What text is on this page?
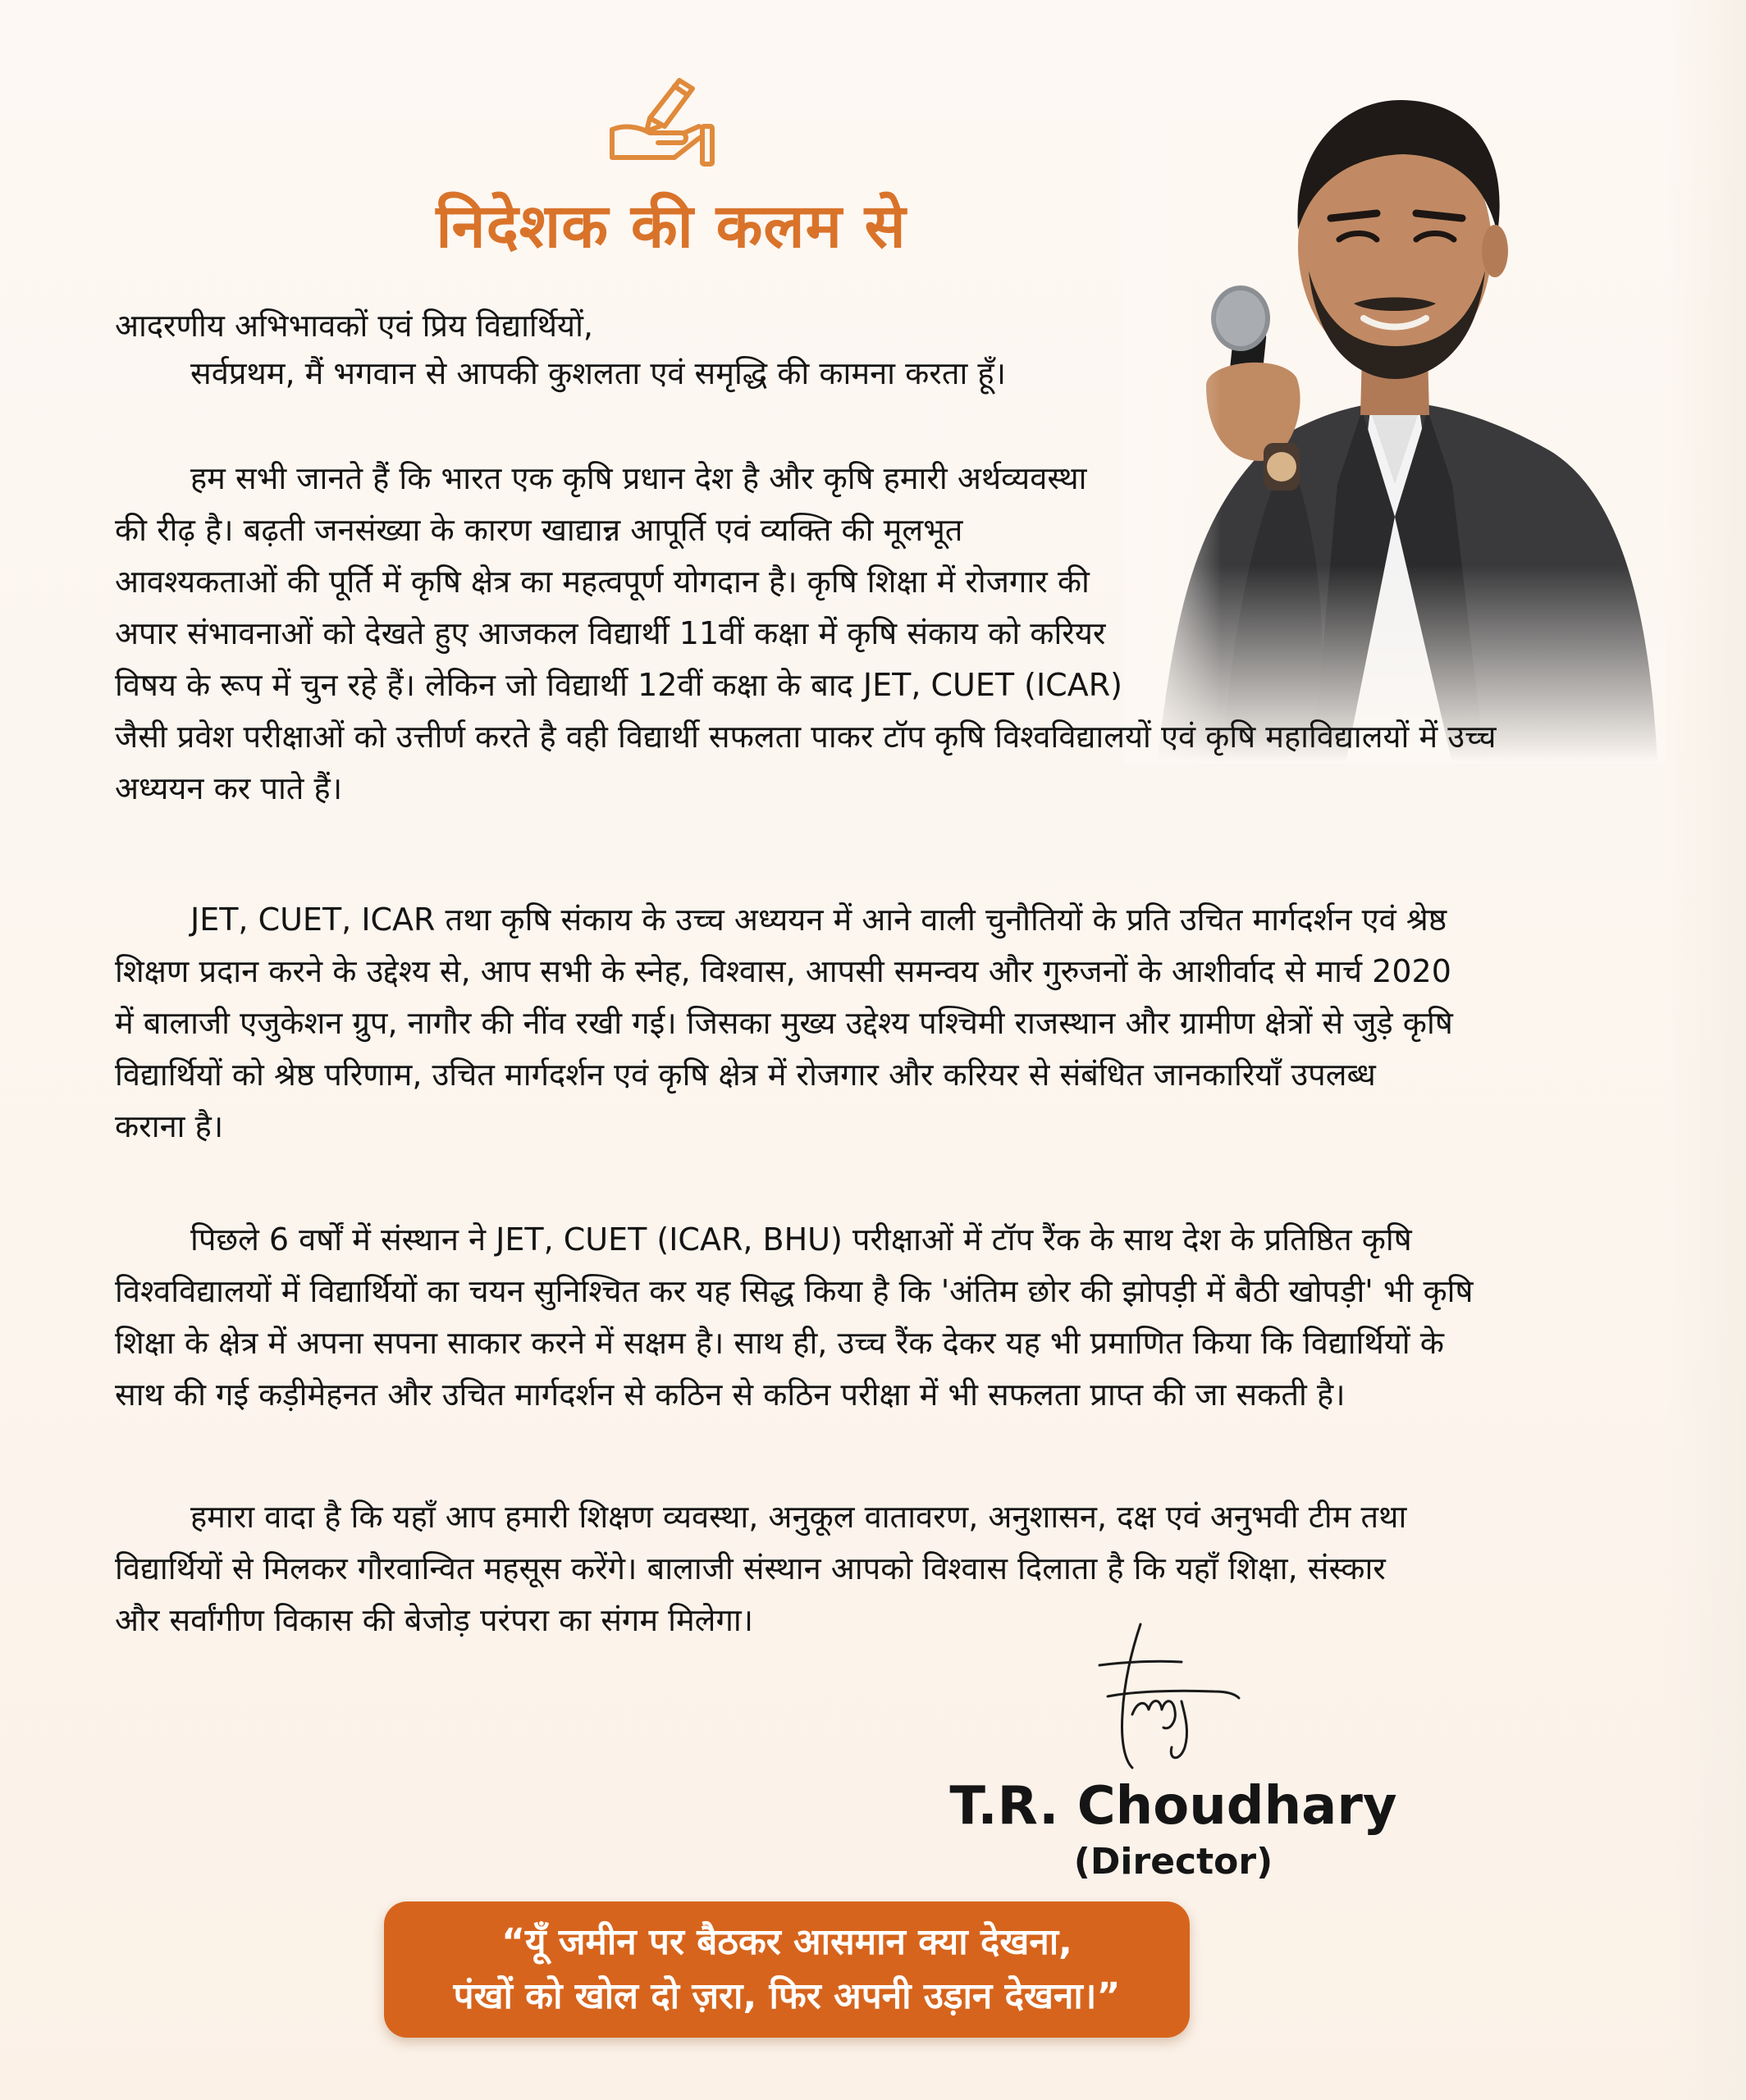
निदेशक की कलम से

आदरणीय अभिभावकों एवं प्रिय विद्यार्थियों,

सर्वप्रथम, मैं भगवान से आपकी कुशलता एवं समृद्धि की कामना करता हूँ।

हम सभी जानते हैं कि भारत एक कृषि प्रधान देश है और कृषि हमारी अर्थव्यवस्था
की रीढ़ है। बढ़ती जनसंख्या के कारण खाद्यान्न आपूर्ति एवं व्यक्ति की मूलभूत
आवश्यकताओं की पूर्ति में कृषि क्षेत्र का महत्वपूर्ण योगदान है। कृषि शिक्षा में रोजगार की
अपार संभावनाओं को देखते हुए आजकल विद्यार्थी 11वीं कक्षा में कृषि संकाय को करियर
विषय के रूप में चुन रहे हैं। लेकिन जो विद्यार्थी 12वीं कक्षा के बाद JET, CUET (ICAR)
जैसी प्रवेश परीक्षाओं को उत्तीर्ण करते है वही विद्यार्थी सफलता पाकर टॉप कृषि विश्वविद्यालयों एवं कृषि महाविद्यालयों में उच्च
अध्ययन कर पाते हैं।
JET, CUET, ICAR तथा कृषि संकाय के उच्च अध्ययन में आने वाली चुनौतियों के प्रति उचित मार्गदर्शन एवं श्रेष्ठ
शिक्षण प्रदान करने के उद्देश्य से, आप सभी के स्नेह, विश्वास, आपसी समन्वय और गुरुजनों के आशीर्वाद से मार्च 2020
में बालाजी एजुकेशन ग्रुप, नागौर की नींव रखी गई। जिसका मुख्य उद्देश्य पश्चिमी राजस्थान और ग्रामीण क्षेत्रों से जुड़े कृषि
विद्यार्थियों को श्रेष्ठ परिणाम, उचित मार्गदर्शन एवं कृषि क्षेत्र में रोजगार और करियर से संबंधित जानकारियाँ उपलब्ध
कराना है।
पिछले 6 वर्षों में संस्थान ने JET, CUET (ICAR, BHU) परीक्षाओं में टॉप रैंक के साथ देश के प्रतिष्ठित कृषि
विश्वविद्यालयों में विद्यार्थियों का चयन सुनिश्चित कर यह सिद्ध किया है कि 'अंतिम छोर की झोपड़ी में बैठी खोपड़ी' भी कृषि
शिक्षा के क्षेत्र में अपना सपना साकार करने में सक्षम है। साथ ही, उच्च रैंक देकर यह भी प्रमाणित किया कि विद्यार्थियों के
साथ की गई कड़ीमेहनत और उचित मार्गदर्शन से कठिन से कठिन परीक्षा में भी सफलता प्राप्त की जा सकती है।
हमारा वादा है कि यहाँ आप हमारी शिक्षण व्यवस्था, अनुकूल वातावरण, अनुशासन, दक्ष एवं अनुभवी टीम तथा
विद्यार्थियों से मिलकर गौरवान्वित महसूस करेंगे। बालाजी संस्थान आपको विश्वास दिलाता है कि यहाँ शिक्षा, संस्कार
और सर्वांगीण विकास की बेजोड़ परंपरा का संगम मिलेगा।
T.R. Choudhary
(Director)
“यूँ जमीन पर बैठकर आसमान क्या देखना,
पंखों को खोल दो ज़रा, फिर अपनी उड़ान देखना।”
